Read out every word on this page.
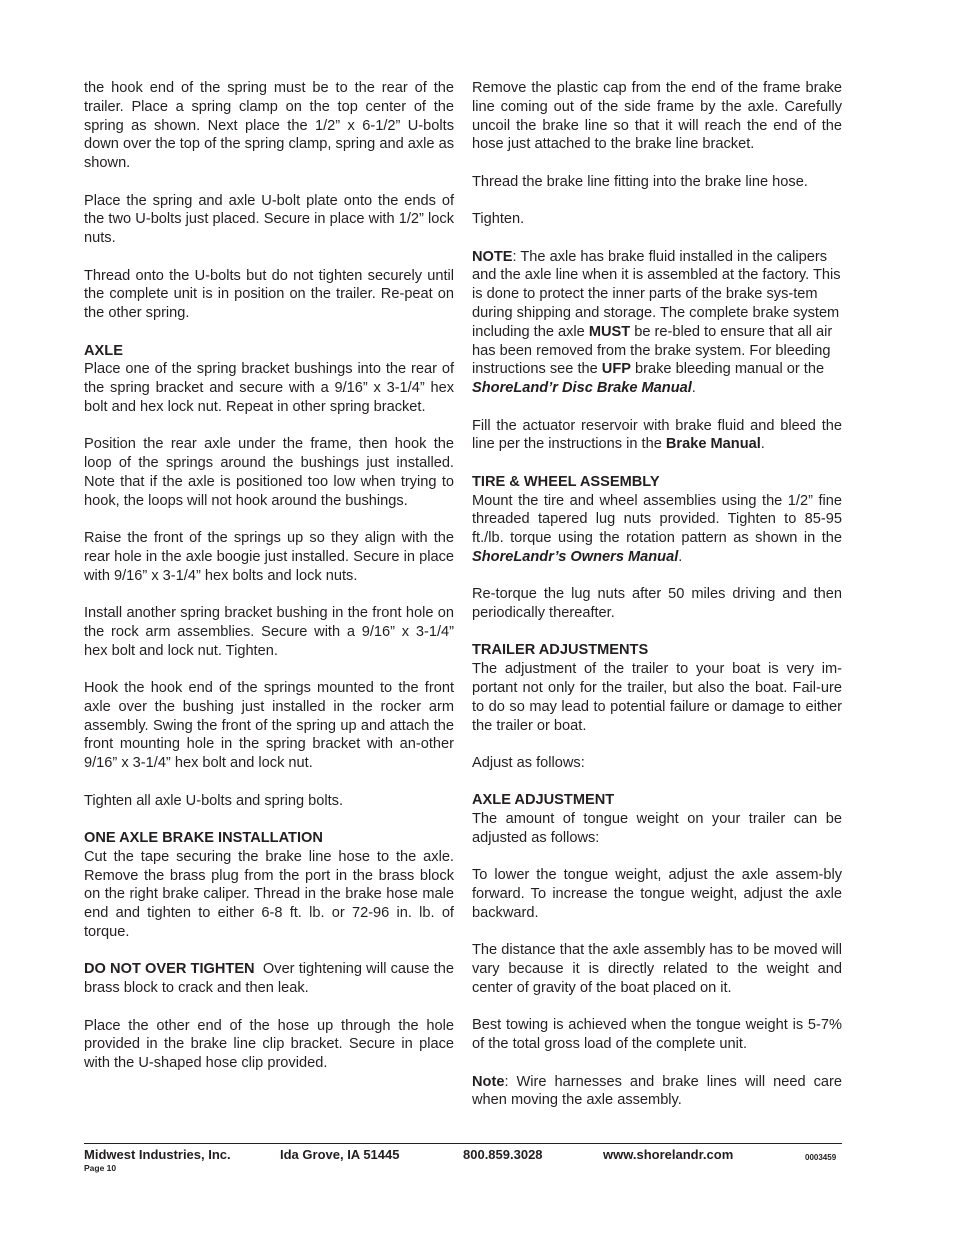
the hook end of the spring must be to the rear of the trailer. Place a spring clamp on the top center of the spring as shown. Next place the 1/2” x 6-1/2” U-bolts down over the top of the spring clamp, spring and axle as shown.

Place the spring and axle U-bolt plate onto the ends of the two U-bolts just placed. Secure in place with 1/2” lock nuts.

Thread onto the U-bolts but do not tighten securely until the complete unit is in position on the trailer. Re-peat on the other spring.

AXLE
Place one of the spring bracket bushings into the rear of the spring bracket and secure with a 9/16” x 3-1/4” hex bolt and hex lock nut. Repeat in other spring bracket.

Position the rear axle under the frame, then hook the loop of the springs around the bushings just installed. Note that if the axle is positioned too low when trying to hook, the loops will not hook around the bushings.

Raise the front of the springs up so they align with the rear hole in the axle boogie just installed. Secure in place with 9/16” x 3-1/4” hex bolts and lock nuts.

Install another spring bracket bushing in the front hole on the rock arm assemblies. Secure with a 9/16” x 3-1/4” hex bolt and lock nut. Tighten.

Hook the hook end of the springs mounted to the front axle over the bushing just installed in the rocker arm assembly. Swing the front of the spring up and attach the front mounting hole in the spring bracket with an-other 9/16” x 3-1/4” hex bolt and lock nut.

Tighten all axle U-bolts and spring bolts.

ONE AXLE BRAKE INSTALLATION
Cut the tape securing the brake line hose to the axle. Remove the brass plug from the port in the brass block on the right brake caliper. Thread in the brake hose male end and tighten to either 6-8 ft. lb. or 72-96 in. lb. of torque.

DO NOT OVER TIGHTEN Over tightening will cause the brass block to crack and then leak.

Place the other end of the hose up through the hole provided in the brake line clip bracket. Secure in place with the U-shaped hose clip provided.

Remove the plastic cap from the end of the frame brake line coming out of the side frame by the axle. Carefully uncoil the brake line so that it will reach the end of the hose just attached to the brake line bracket.

Thread the brake line fitting into the brake line hose.

Tighten.

NOTE: The axle has brake fluid installed in the calipers and the axle line when it is assembled at the factory. This is done to protect the inner parts of the brake sys-tem during shipping and storage. The complete brake system including the axle MUST be re-bled to ensure that all air has been removed from the brake system. For bleeding instructions see the UFP brake bleeding manual or the ShoreLand’r Disc Brake Manual.

Fill the actuator reservoir with brake fluid and bleed the line per the instructions in the Brake Manual.

TIRE & WHEEL ASSEMBLY
Mount the tire and wheel assemblies using the 1/2” fine threaded tapered lug nuts provided. Tighten to 85-95 ft./lb. torque using the rotation pattern as shown in the ShoreLandr’s Owners Manual.

Re-torque the lug nuts after 50 miles driving and then periodically thereafter.

TRAILER ADJUSTMENTS
The adjustment of the trailer to your boat is very im-portant not only for the trailer, but also the boat. Fail-ure to do so may lead to potential failure or damage to either the trailer or boat.

Adjust as follows:

AXLE ADJUSTMENT
The amount of tongue weight on your trailer can be adjusted as follows:

To lower the tongue weight, adjust the axle assem-bly forward. To increase the tongue weight, adjust the axle backward.

The distance that the axle assembly has to be moved will vary because it is directly related to the weight and center of gravity of the boat placed on it.

Best towing is achieved when the tongue weight is 5-7% of the total gross load of the complete unit.

Note: Wire harnesses and brake lines will need care when moving the axle assembly.

Midwest Industries, Inc.	Ida Grove, IA 51445	800.859.3028	www.shorelandr.com	0003459
Page 10
